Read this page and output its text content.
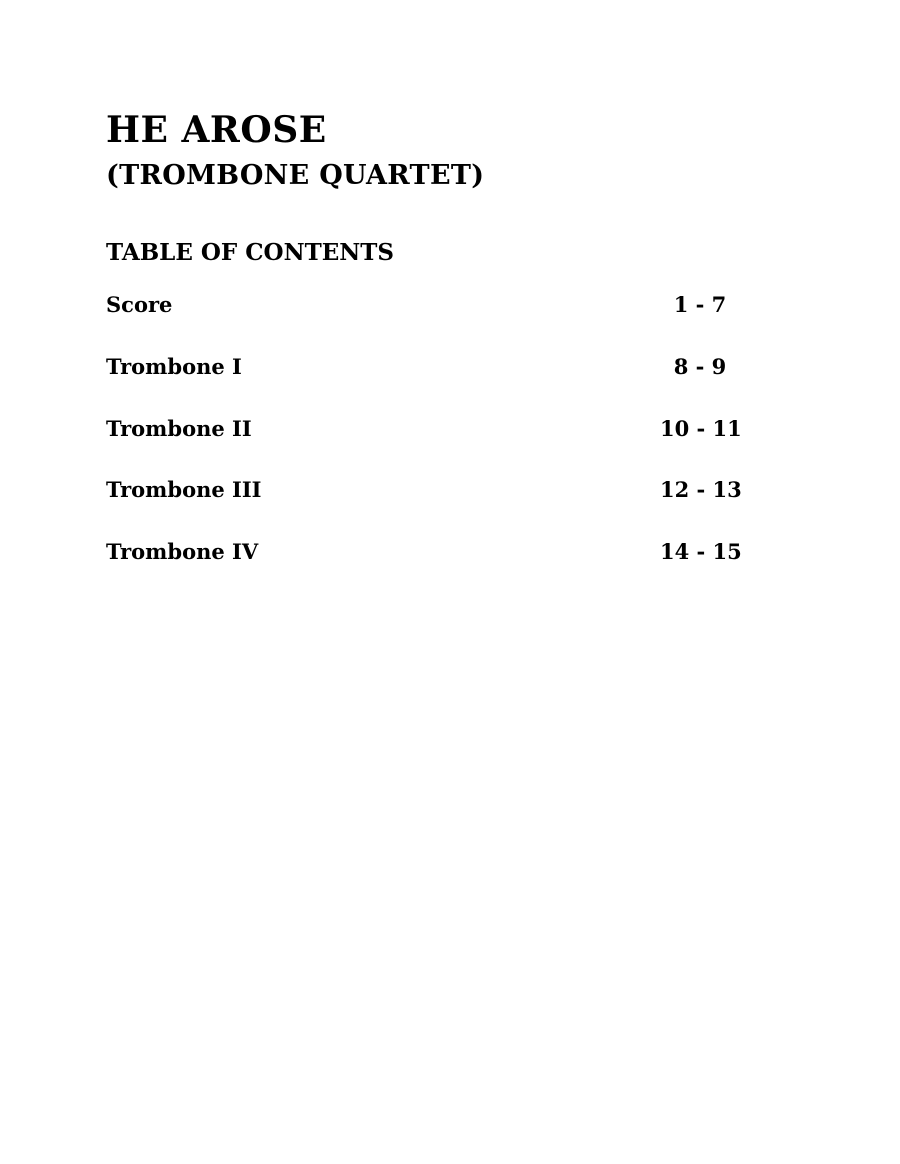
HE AROSE
(TROMBONE QUARTET)
TABLE OF CONTENTS
Score	1 - 7
Trombone I	8 - 9
Trombone II	10 - 11
Trombone III	12 - 13
Trombone IV	14 - 15
